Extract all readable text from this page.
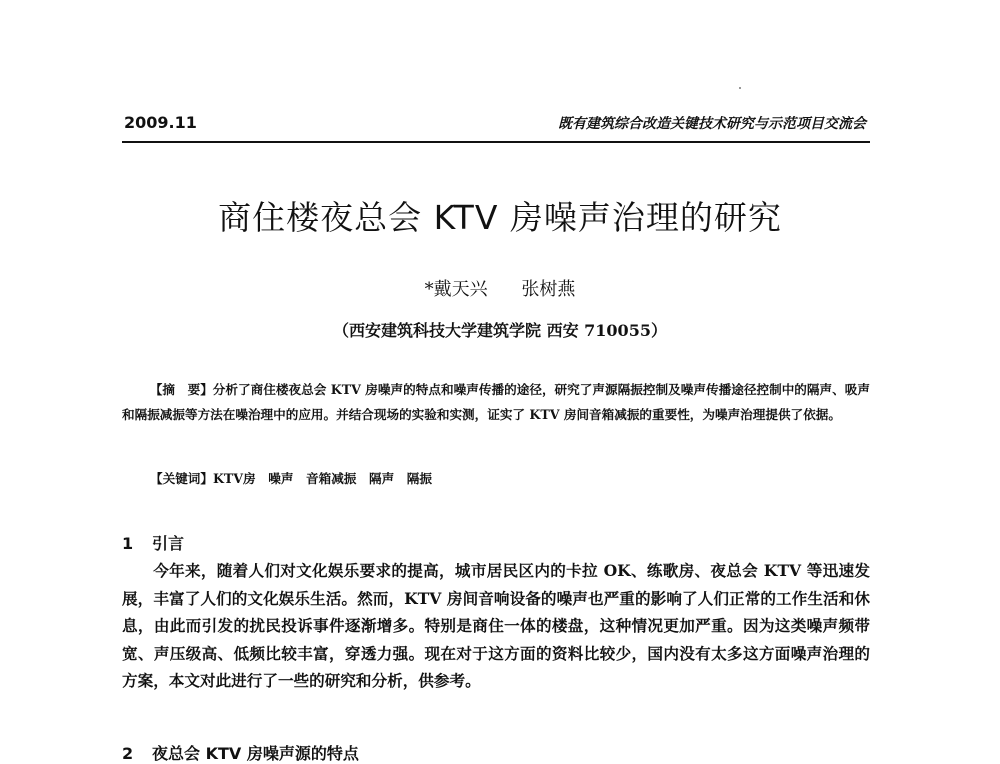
2009.11	既有建筑综合改造关键技术研究与示范项目交流会
商住楼夜总会 KTV 房噪声治理的研究
*戴天兴 张树燕
（西安建筑科技大学建筑学院 西安 710055）
【摘　要】分析了商住楼夜总会 KTV 房噪声的特点和噪声传播的途径，研究了声源隔振控制及噪声传播途径控制中的隔声、吸声和隔振减振等方法在噪治理中的应用。并结合现场的实验和实测，证实了 KTV 房间音箱减振的重要性，为噪声治理提供了依据。
【关键词】KTV房　噪声　音箱减振　隔声　隔振
1 引言
今年来，随着人们对文化娱乐要求的提高，城市居民区内的卡拉 OK、练歌房、夜总会 KTV 等迅速发展，丰富了人们的文化娱乐生活。然而，KTV 房间音响设备的噪声也严重的影响了人们正常的工作生活和休息，由此而引发的扰民投诉事件逐渐增多。特别是商住一体的楼盘，这种情况更加严重。因为这类噪声频带宽、声压级高、低频比较丰富，穿透力强。现在对于这方面的资料比较少，国内没有太多这方面噪声治理的方案，本文对此进行了一些的研究和分析，供参考。
2 夜总会 KTV 房噪声源的特点
